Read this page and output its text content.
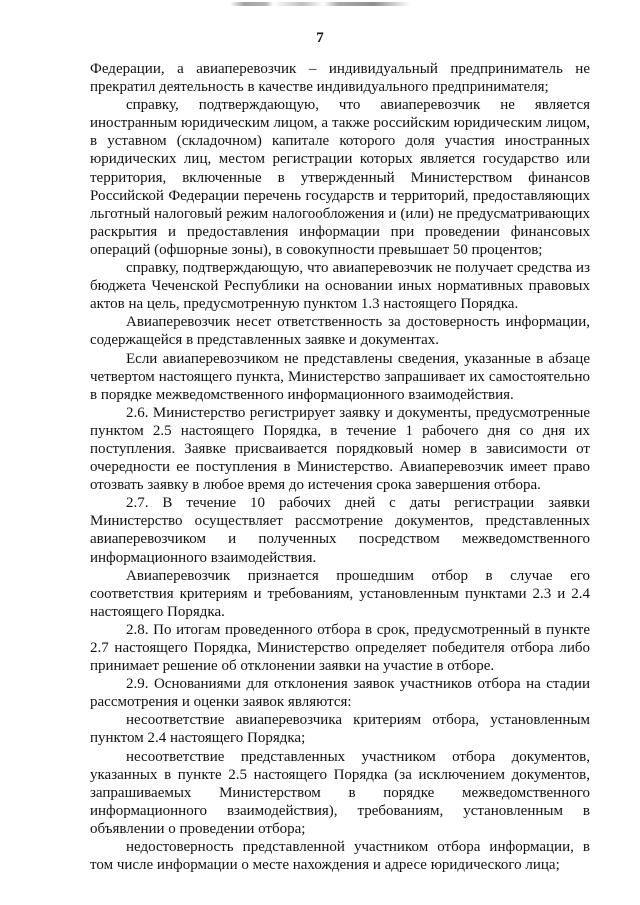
7

Федерации, а авиаперевозчик – индивидуальный предприниматель не прекратил деятельность в качестве индивидуального предпринимателя;

справку, подтверждающую, что авиаперевозчик не является иностранным юридическим лицом, а также российским юридическим лицом, в уставном (складочном) капитале которого доля участия иностранных юридических лиц, местом регистрации которых является государство или территория, включенные в утвержденный Министерством финансов Российской Федерации перечень государств и территорий, предоставляющих льготный налоговый режим налогообложения и (или) не предусматривающих раскрытия и предоставления информации при проведении финансовых операций (офшорные зоны), в совокупности превышает 50 процентов;

справку, подтверждающую, что авиаперевозчик не получает средства из бюджета Чеченской Республики на основании иных нормативных правовых актов на цель, предусмотренную пунктом 1.3 настоящего Порядка.

Авиаперевозчик несет ответственность за достоверность информации, содержащейся в представленных заявке и документах.

Если авиаперевозчиком не представлены сведения, указанные в абзаце четвертом настоящего пункта, Министерство запрашивает их самостоятельно в порядке межведомственного информационного взаимодействия.

2.6. Министерство регистрирует заявку и документы, предусмотренные пунктом 2.5 настоящего Порядка, в течение 1 рабочего дня со дня их поступления. Заявке присваивается порядковый номер в зависимости от очередности ее поступления в Министерство. Авиаперевозчик имеет право отозвать заявку в любое время до истечения срока завершения отбора.

2.7. В течение 10 рабочих дней с даты регистрации заявки Министерство осуществляет рассмотрение документов, представленных авиаперевозчиком и полученных посредством межведомственного информационного взаимодействия.

Авиаперевозчик признается прошедшим отбор в случае его соответствия критериям и требованиям, установленным пунктами 2.3 и 2.4 настоящего Порядка.

2.8. По итогам проведенного отбора в срок, предусмотренный в пункте 2.7 настоящего Порядка, Министерство определяет победителя отбора либо принимает решение об отклонении заявки на участие в отборе.

2.9. Основаниями для отклонения заявок участников отбора на стадии рассмотрения и оценки заявок являются:

несоответствие авиаперевозчика критериям отбора, установленным пунктом 2.4 настоящего Порядка;

несоответствие представленных участником отбора документов, указанных в пункте 2.5 настоящего Порядка (за исключением документов, запрашиваемых Министерством в порядке межведомственного информационного взаимодействия), требованиям, установленным в объявлении о проведении отбора;

недостоверность представленной участником отбора информации, в том числе информации о месте нахождения и адресе юридического лица;
